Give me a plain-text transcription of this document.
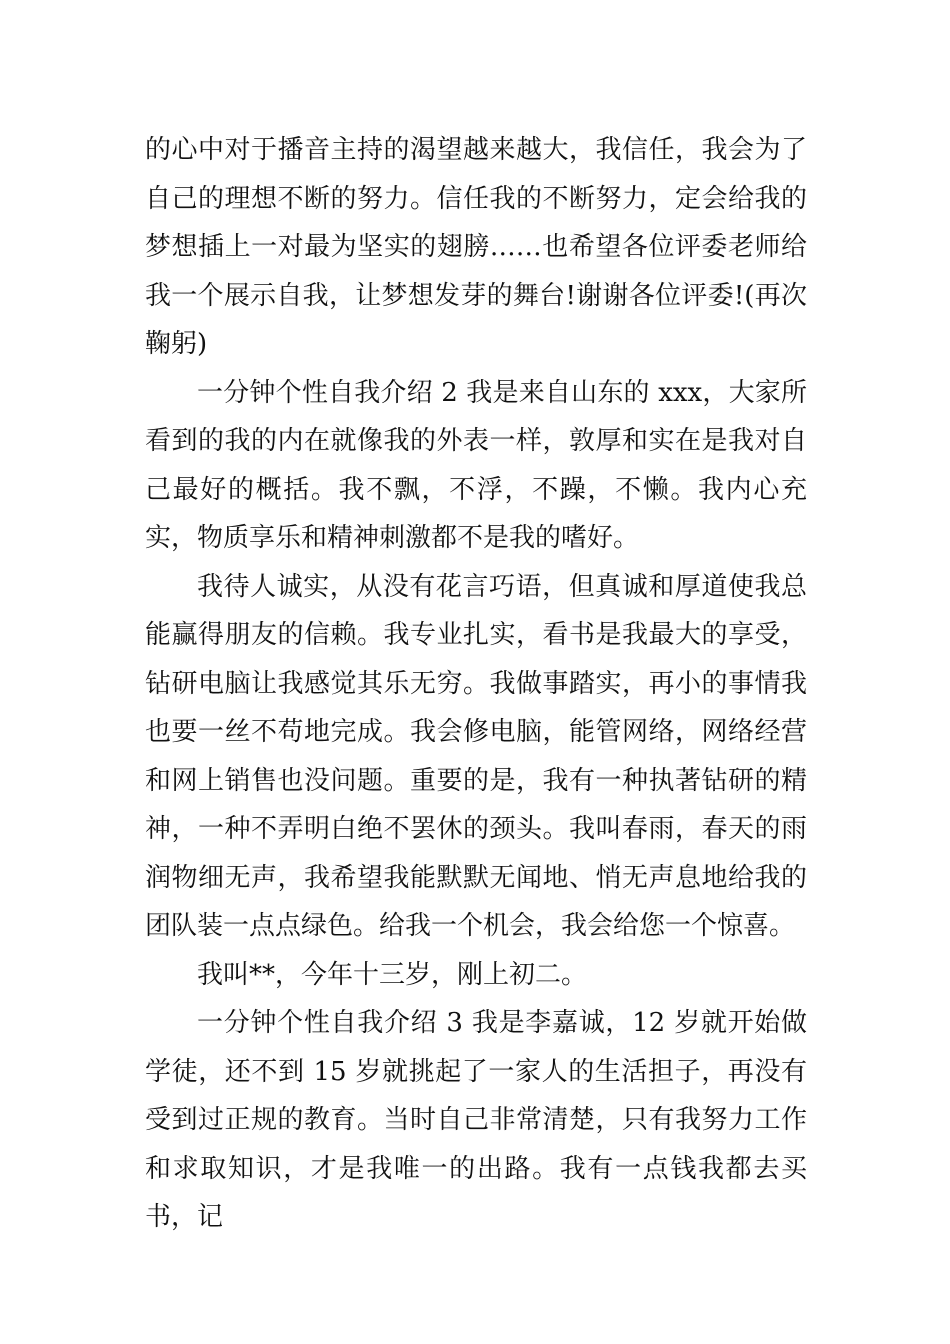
的心中对于播音主持的渴望越来越大，我信任，我会为了自己的理想不断的努力。信任我的不断努力，定会给我的梦想插上一对最为坚实的翅膀……也希望各位评委老师给我一个展示自我，让梦想发芽的舞台!谢谢各位评委!(再次鞠躬)

一分钟个性自我介绍 2 我是来自山东的 xxx，大家所看到的我的内在就像我的外表一样，敦厚和实在是我对自己最好的概括。我不飘，不浮，不躁，不懒。我内心充实，物质享乐和精神刺激都不是我的嗜好。

我待人诚实，从没有花言巧语，但真诚和厚道使我总能赢得朋友的信赖。我专业扎实，看书是我最大的享受，钻研电脑让我感觉其乐无穷。我做事踏实，再小的事情我也要一丝不苟地完成。我会修电脑，能管网络，网络经营和网上销售也没问题。重要的是，我有一种执著钻研的精神，一种不弄明白绝不罢休的颈头。我叫春雨，春天的雨润物细无声，我希望我能默默无闻地、悄无声息地给我的团队装一点点绿色。给我一个机会，我会给您一个惊喜。

我叫**，今年十三岁，刚上初二。

一分钟个性自我介绍 3 我是李嘉诚，12 岁就开始做学徒，还不到 15 岁就挑起了一家人的生活担子，再没有受到过正规的教育。当时自己非常清楚，只有我努力工作和求取知识，才是我唯一的出路。我有一点钱我都去买书，记
